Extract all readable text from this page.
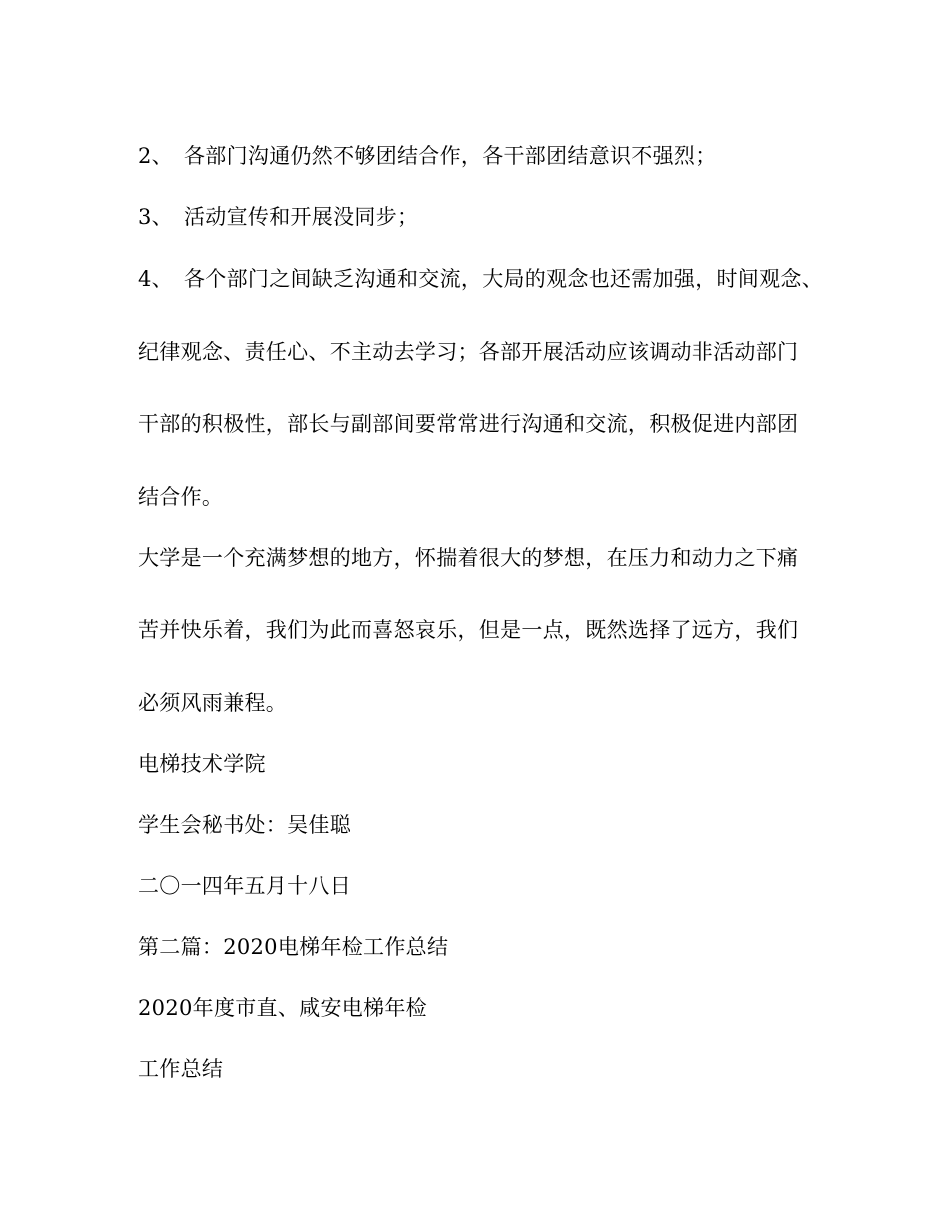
2、 各部门沟通仍然不够团结合作，各干部团结意识不强烈；
3、 活动宣传和开展没同步；
4、 各个部门之间缺乏沟通和交流，大局的观念也还需加强，时间观念、
纪律观念、责任心、不主动去学习；各部开展活动应该调动非活动部门
干部的积极性，部长与副部间要常常进行沟通和交流，积极促进内部团
结合作。
大学是一个充满梦想的地方，怀揣着很大的梦想，在压力和动力之下痛
苦并快乐着，我们为此而喜怒哀乐，但是一点，既然选择了远方，我们
必须风雨兼程。
电梯技术学院
学生会秘书处：吴佳聪
二〇一四年五月十八日
第二篇：2020电梯年检工作总结
2020年度市直、咸安电梯年检
工作总结
